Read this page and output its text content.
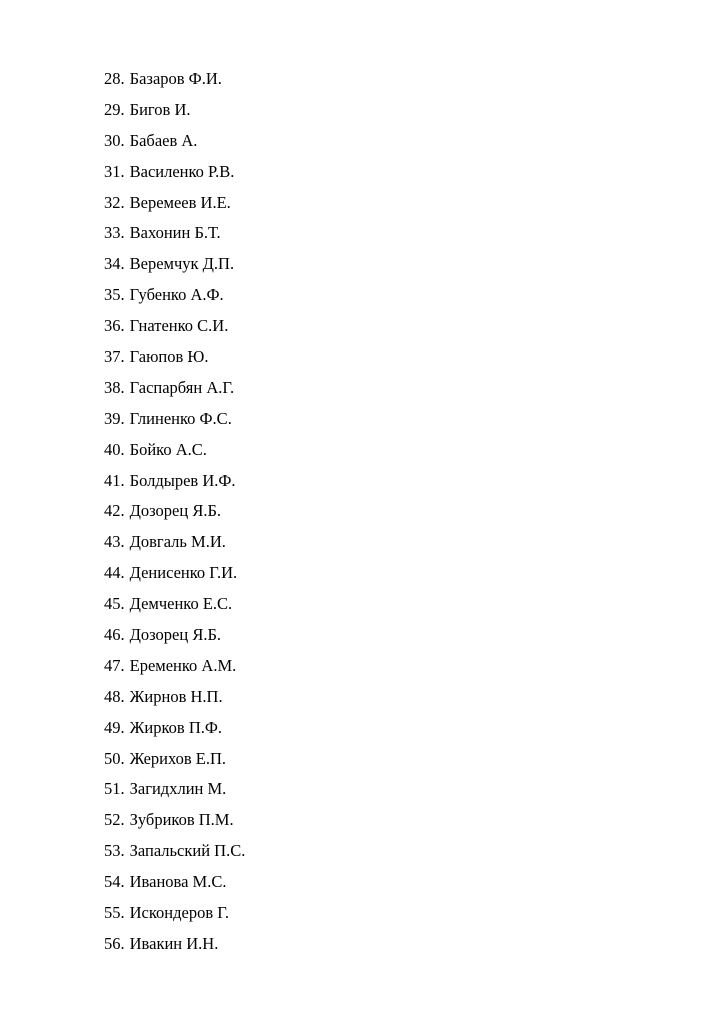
28. Базаров Ф.И.
29. Бигов И.
30. Бабаев А.
31. Василенко Р.В.
32. Веремеев И.Е.
33. Вахонин Б.Т.
34. Веремчук Д.П.
35. Губенко А.Ф.
36. Гнатенко С.И.
37. Гаюпов Ю.
38. Гаспарбян А.Г.
39. Глиненко Ф.С.
40. Бойко А.С.
41. Болдырев И.Ф.
42. Дозорец Я.Б.
43. Довгаль М.И.
44. Денисенко Г.И.
45. Демченко Е.С.
46. Дозорец Я.Б.
47. Еременко А.М.
48. Жирнов Н.П.
49. Жирков П.Ф.
50. Жерихов Е.П.
51. Загидхлин М.
52. Зубриков П.М.
53. Запальский П.С.
54. Иванова М.С.
55. Искондеров Г.
56. Ивакин И.Н.
